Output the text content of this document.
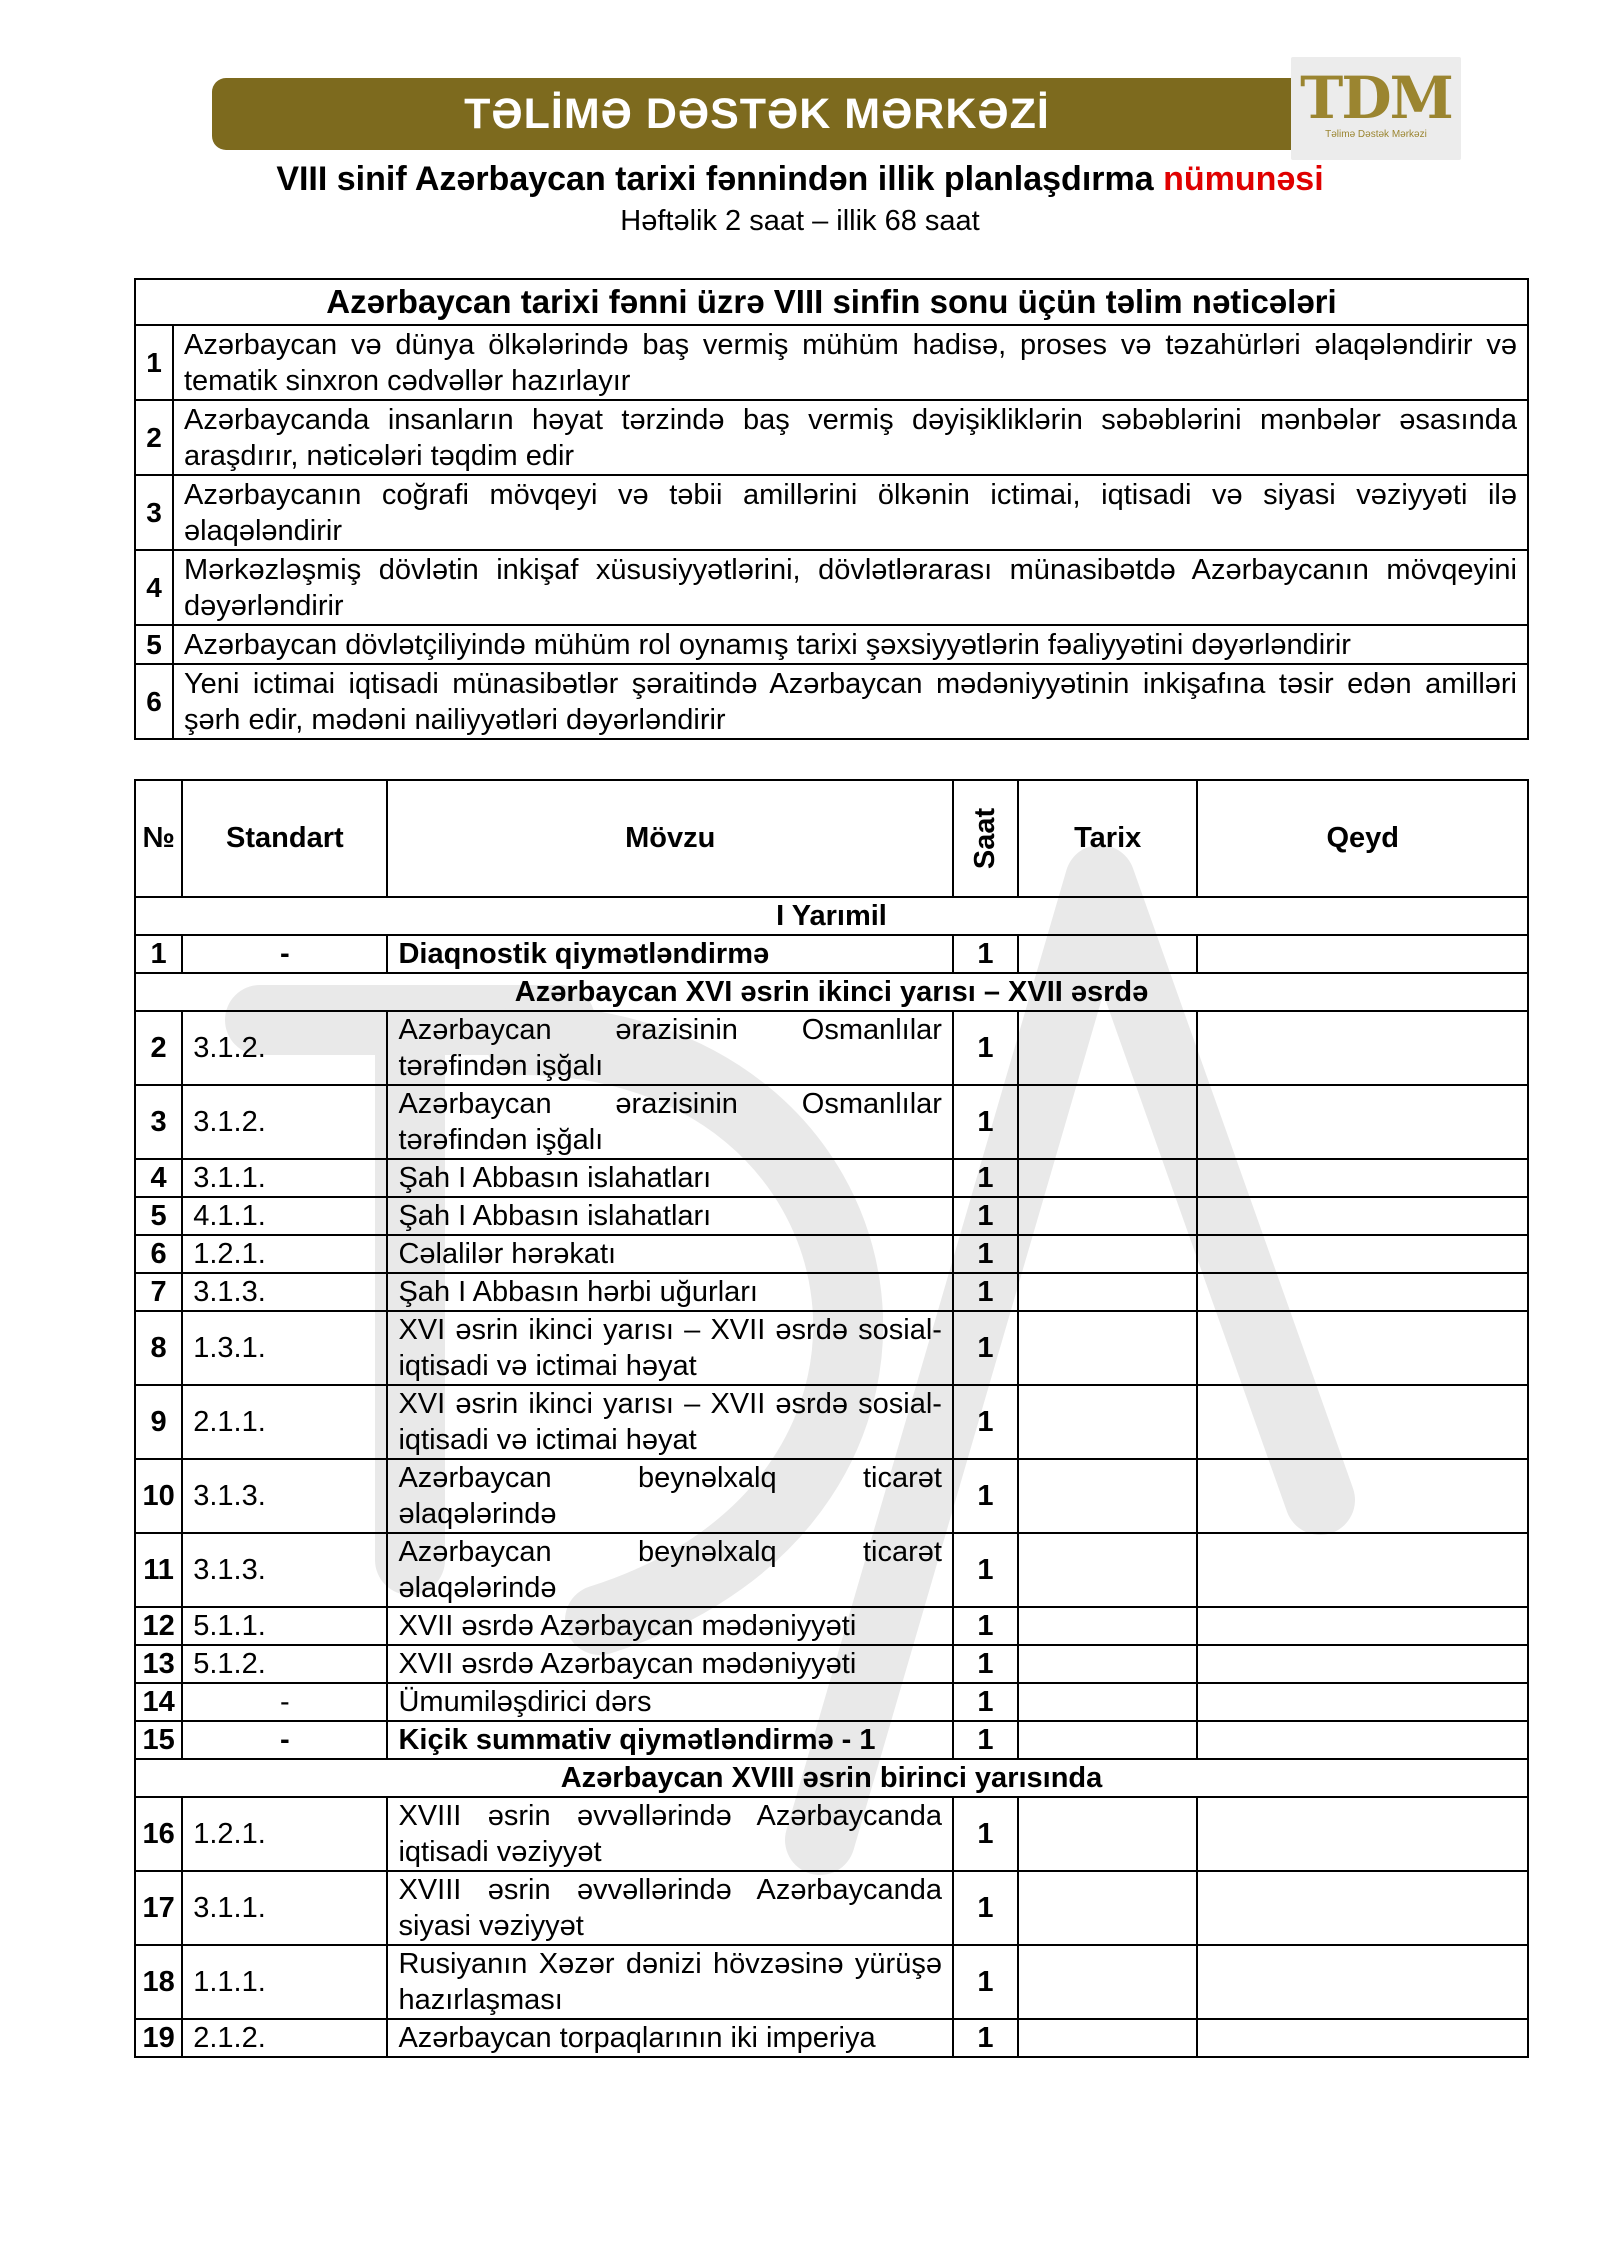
TƏLİMƏ DƏSTƏK MƏRKƏZİ	TDM
Təlimə Dəstək Mərkəzi
VIII sinif Azərbaycan tarixi fənnindən illik planlaşdırma nümunəsi
Həftəlik 2 saat – illik 68 saat
Azərbaycan tarixi fənni üzrə VIII sinfin sonu üçün təlim nəticələri	
1	Azərbaycan və dünya ölkələrində baş vermiş mühüm hadisə, proses və təzahürləri əlaqələndirir və tematik sinxron cədvəllər hazırlayır
2	Azərbaycanda insanların həyat tərzində baş vermiş dəyişikliklərin səbəblərini mənbələr əsasında araşdırır, nəticələri təqdim edir
3	Azərbaycanın coğrafi mövqeyi və təbii amillərini ölkənin ictimai, iqtisadi və siyasi vəziyyəti ilə əlaqələndirir
4	Mərkəzləşmiş dövlətin inkişaf xüsusiyyətlərini, dövlətlərarası münasibətdə Azərbaycanın mövqeyini dəyərləndirir
5	Azərbaycan dövlətçiliyində mühüm rol oynamış tarixi şəxsiyyətlərin fəaliyyətini dəyərləndirir
6	Yeni ictimai iqtisadi münasibətlər şəraitində Azərbaycan mədəniyyətinin inkişafına təsir edən amilləri şərh edir, mədəni nailiyyətləri dəyərləndirir
№	Standart	Mövzu	Saat	Tarix	Qeyd
I Yarımil					
1	-	Diaqnostik qiymətləndirmə	1		
Azərbaycan XVI əsrin ikinci yarısı – XVII əsrdə					
2	3.1.2.	Azərbaycan ərazisinin Osmanlılar tərəfindən işğalı	1		
3	3.1.2.	Azərbaycan ərazisinin Osmanlılar tərəfindən işğalı	1		
4	3.1.1.	Şah I Abbasın islahatları	1		
5	4.1.1.	Şah I Abbasın islahatları	1		
6	1.2.1.	Cəlalilər hərəkatı	1		
7	3.1.3.	Şah I Abbasın hərbi uğurları	1		
8	1.3.1.	XVI əsrin ikinci yarısı – XVII əsrdə sosial-iqtisadi və ictimai həyat	1		
9	2.1.1.	XVI əsrin ikinci yarısı – XVII əsrdə sosial-iqtisadi və ictimai həyat	1		
10	3.1.3.	Azərbaycan beynəlxalq ticarət əlaqələrində	1		
11	3.1.3.	Azərbaycan beynəlxalq ticarət əlaqələrində	1		
12	5.1.1.	XVII əsrdə Azərbaycan mədəniyyəti	1		
13	5.1.2.	XVII əsrdə Azərbaycan mədəniyyəti	1		
14	-	Ümumiləşdirici dərs	1		
15	-	Kiçik summativ qiymətləndirmə - 1	1		
Azərbaycan XVIII əsrin birinci yarısında					
16	1.2.1.	XVIII əsrin əvvəllərində Azərbaycanda iqtisadi vəziyyət	1		
17	3.1.1.	XVIII əsrin əvvəllərində Azərbaycanda siyasi vəziyyət	1		
18	1.1.1.	Rusiyanın Xəzər dənizi hövzəsinə yürüşə hazırlaşması	1		
19	2.1.2.	Azərbaycan torpaqlarının iki imperiya	1		
